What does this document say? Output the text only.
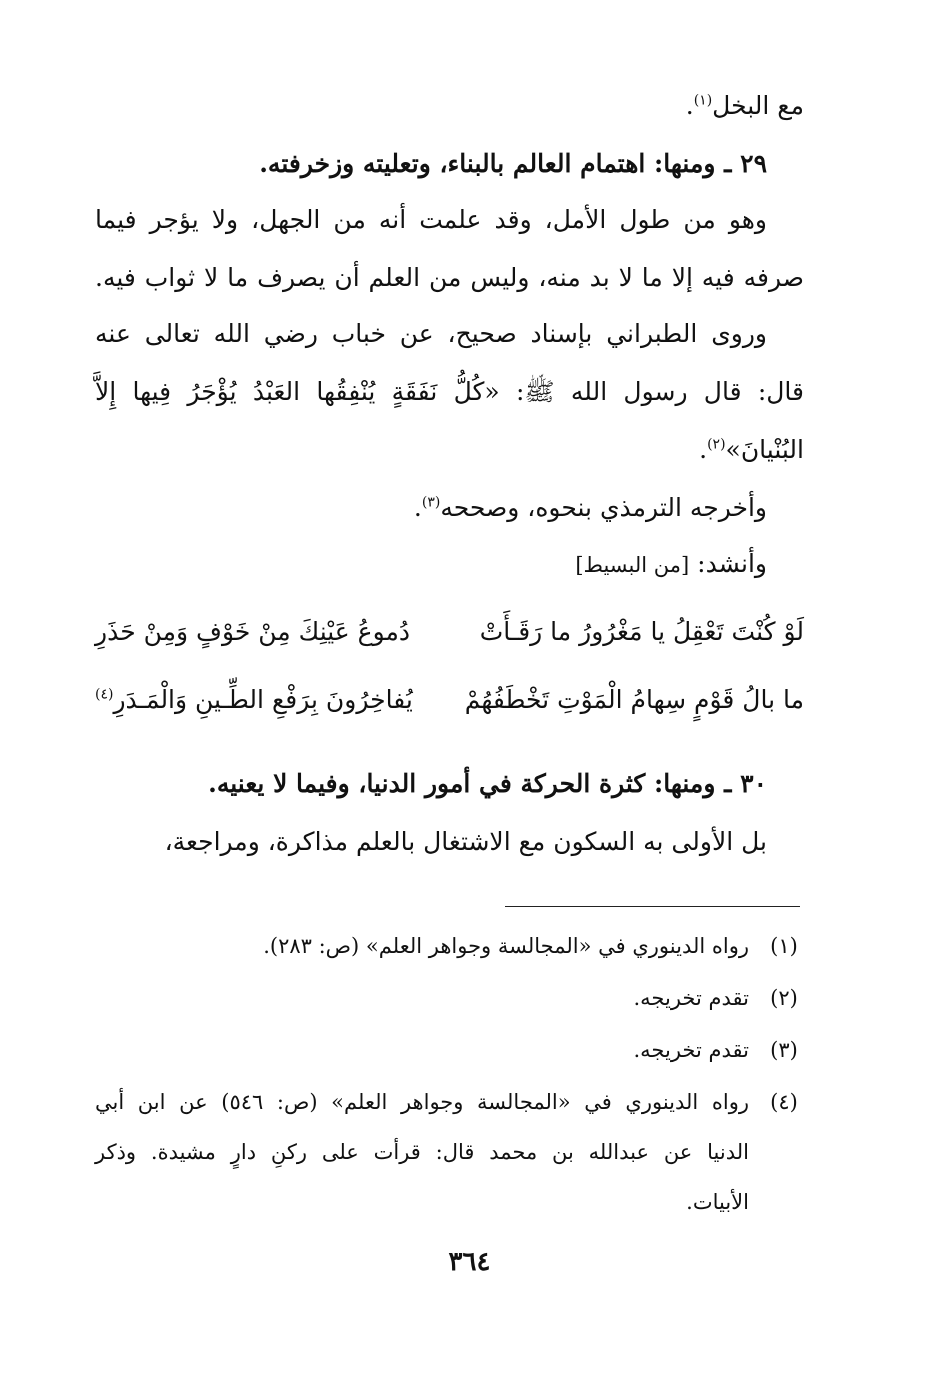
مع البخل$^{(١)}$.
٢٩ ـ ومنها: اهتمام العالم بالبناء، وتعليته وزخرفته.
وهو من طول الأمل، وقد علمت أنه من الجهل، ولا يؤجر فيما
صرفه فيه إلا ما لا بد منه، وليس من العلم أن يصرف ما لا ثواب فيه.
وروى الطبراني بإسناد صحيح، عن خباب رضي الله تعالى عنه
قال: قال رسول الله ﷺ: «كُلُّ نَفَقَةٍ يُنْفِقُها العَبْدُ يُؤْجَرُ فِيها إِلاَّ
البُنْيانَ»$^{(٢)}$.
وأخرجه الترمذي بنحوه، وصححه$^{(٣)}$.
وأنشد: [من البسيط]
لَوْ كُنْتَ تَعْقِلُ يا مَغْرُورُ ما رَقَـأَتْ
دُموعُ عَيْنِكَ مِنْ خَوْفٍ وَمِنْ حَذَرِ
ما بالُ قَوْمٍ سِهامُ الْمَوْتِ تَخْطَفُهُمْ
يُفاخِرُونَ بِرَفْعِ الطِّـينِ وَالْمَـدَرِ$^{(٤)}$
٣٠ ـ ومنها: كثرة الحركة في أمور الدنيا، وفيما لا يعنيه.
بل الأولى به السكون مع الاشتغال بالعلم مذاكرة، ومراجعة،
(١)
رواه الدينوري في «المجالسة وجواهر العلم» (ص: ٢٨٣).
(٢)
تقدم تخريجه.
(٣)
تقدم تخريجه.
(٤)
رواه الدينوري في «المجالسة وجواهر العلم» (ص: ٥٤٦) عن ابن أبي
الدنيا عن عبدالله بن محمد قال: قرأت على ركنِ دارٍ مشيدة. وذكر
الأبيات.
٣٦٤
